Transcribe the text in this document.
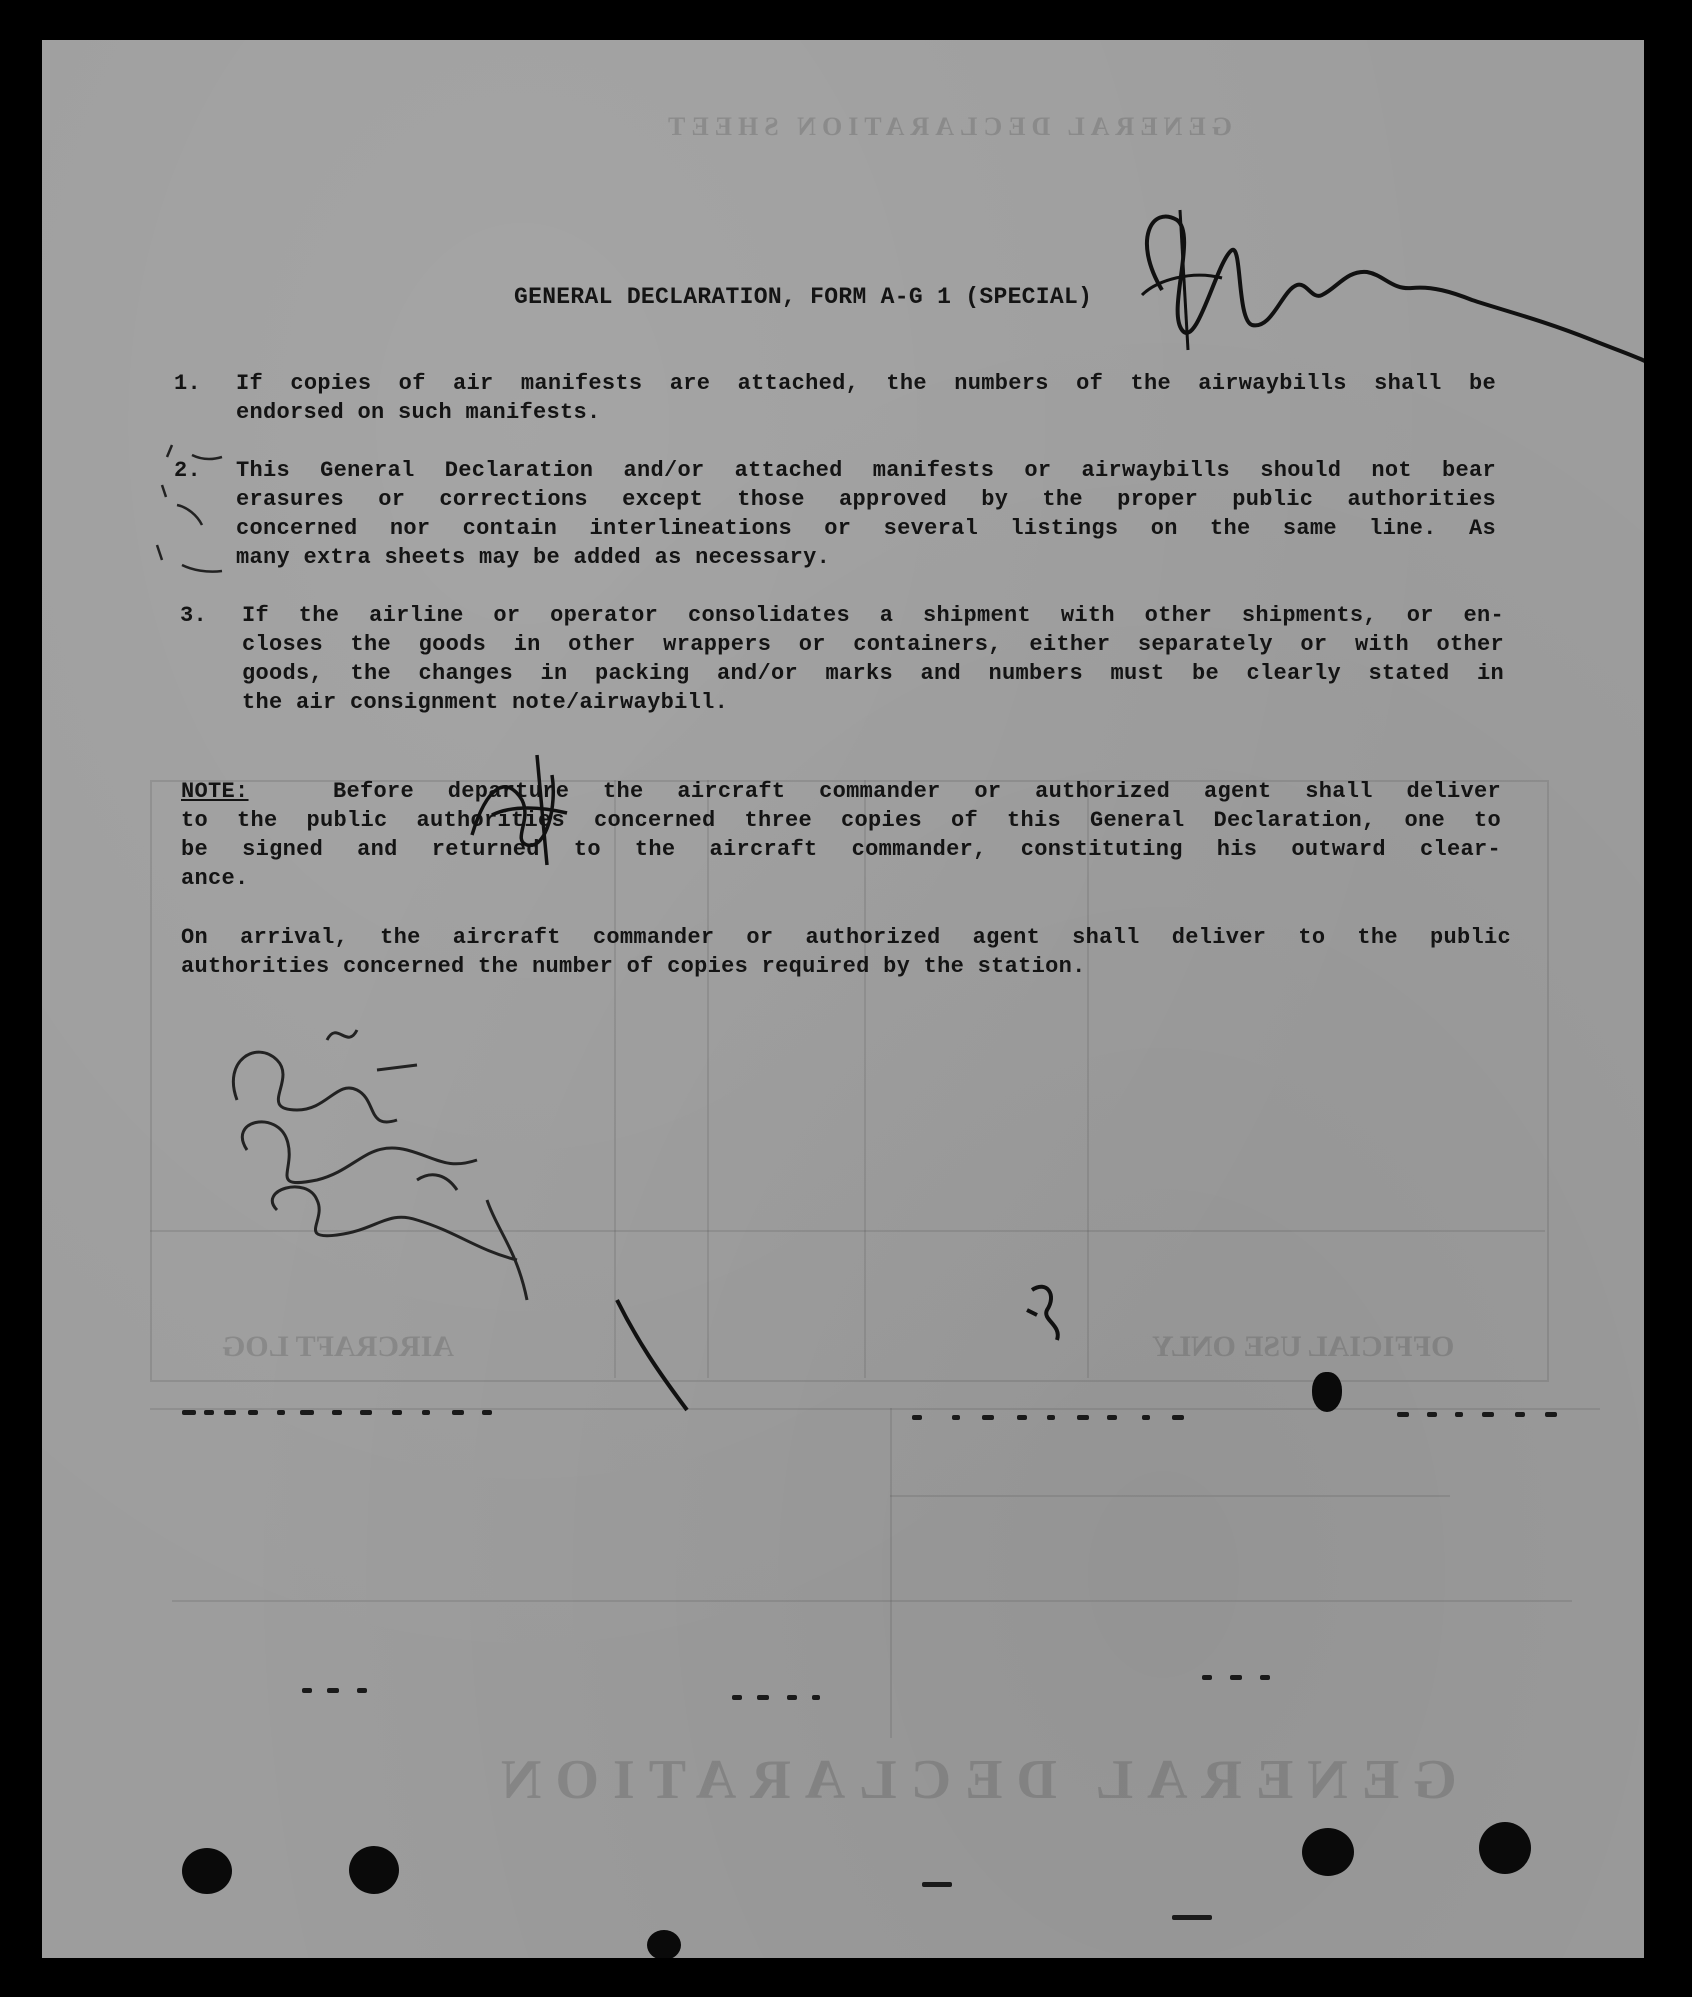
GENERAL DECLARATION
AIRCRAFT LOG	OFFICIAL USE ONLY
GENERAL DECLARATION SHEET
GENERAL DECLARATION, FORM A-G 1 (SPECIAL)
1.	If copies of air manifests are attached, the numbers of the airwaybills shall be
endorsed on such manifests.
2.	This General Declaration and/or attached manifests or airwaybills should not bear
erasures or corrections except those approved by the proper public authorities
concerned nor contain interlineations or several listings on the same line. As
many extra sheets may be added as necessary.
3.	If the airline or operator consolidates a shipment with other shipments, or en-
closes the goods in other wrappers or containers, either separately or with other
goods, the changes in packing and/or marks and numbers must be clearly stated in
the air consignment note/airwaybill.
NOTE:	Before departure the aircraft commander or authorized agent shall deliver
to the public authorities concerned three copies of this General Declaration, one to
be signed and returned to the aircraft commander, constituting his outward clear-
ance.
On arrival, the aircraft commander or authorized agent shall deliver to the public
authorities concerned the number of copies required by the station.
